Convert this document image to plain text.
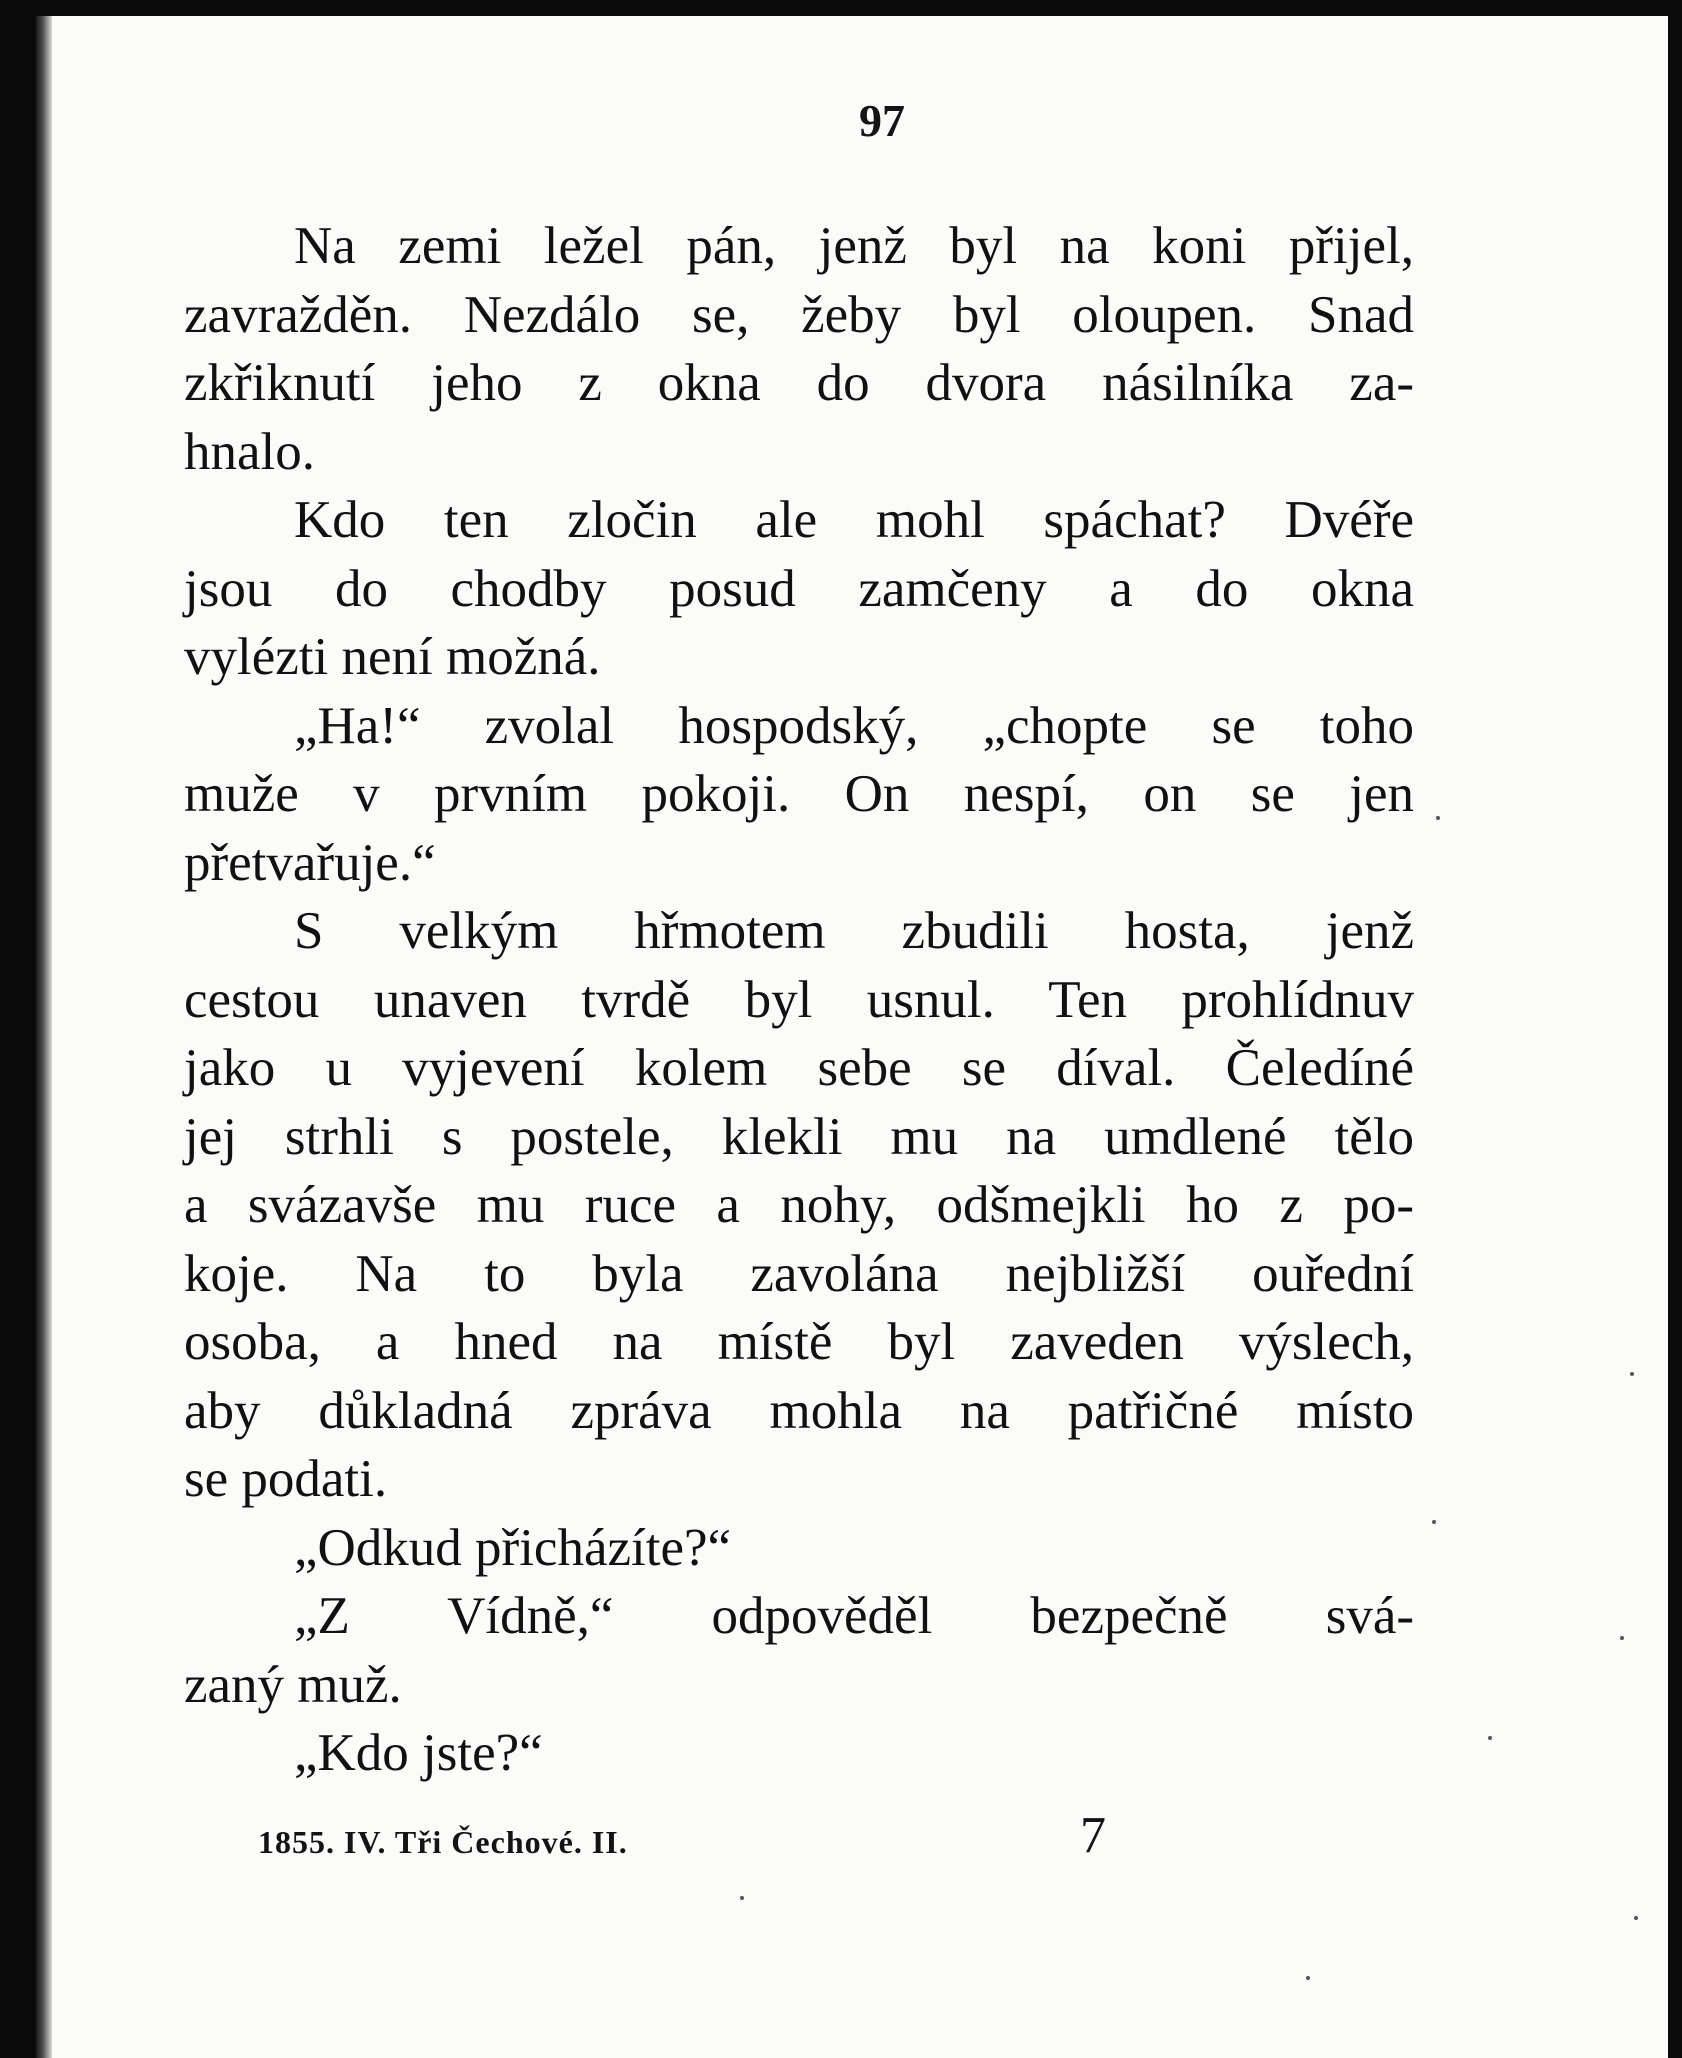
97
Na zemi ležel pán, jenž byl na koni přijel,
zavražděn. Nezdálo se, žeby byl oloupen. Snad
zkřiknutí jeho z okna do dvora násilníka za-
hnalo.
Kdo ten zločin ale mohl spáchat? Dvéře
jsou do chodby posud zamčeny a do okna
vylézti není možná.
„Ha!“ zvolal hospodský, „chopte se toho
muže v prvním pokoji. On nespí, on se jen
přetvařuje.“
S velkým hřmotem zbudili hosta, jenž
cestou unaven tvrdě byl usnul. Ten prohlídnuv
jako u vyjevení kolem sebe se díval. Čeledíné
jej strhli s postele, klekli mu na umdlené tělo
a svázavše mu ruce a nohy, odšmejkli ho z po-
koje. Na to byla zavolána nejbližší ouřední
osoba, a hned na místě byl zaveden výslech,
aby důkladná zpráva mohla na patřičné místo
se podati.
„Odkud přicházíte?“
„Z Vídně,“ odpověděl bezpečně svá-
zaný muž.
„Kdo jste?“
1855. IV. Tři Čechové. II.	7
